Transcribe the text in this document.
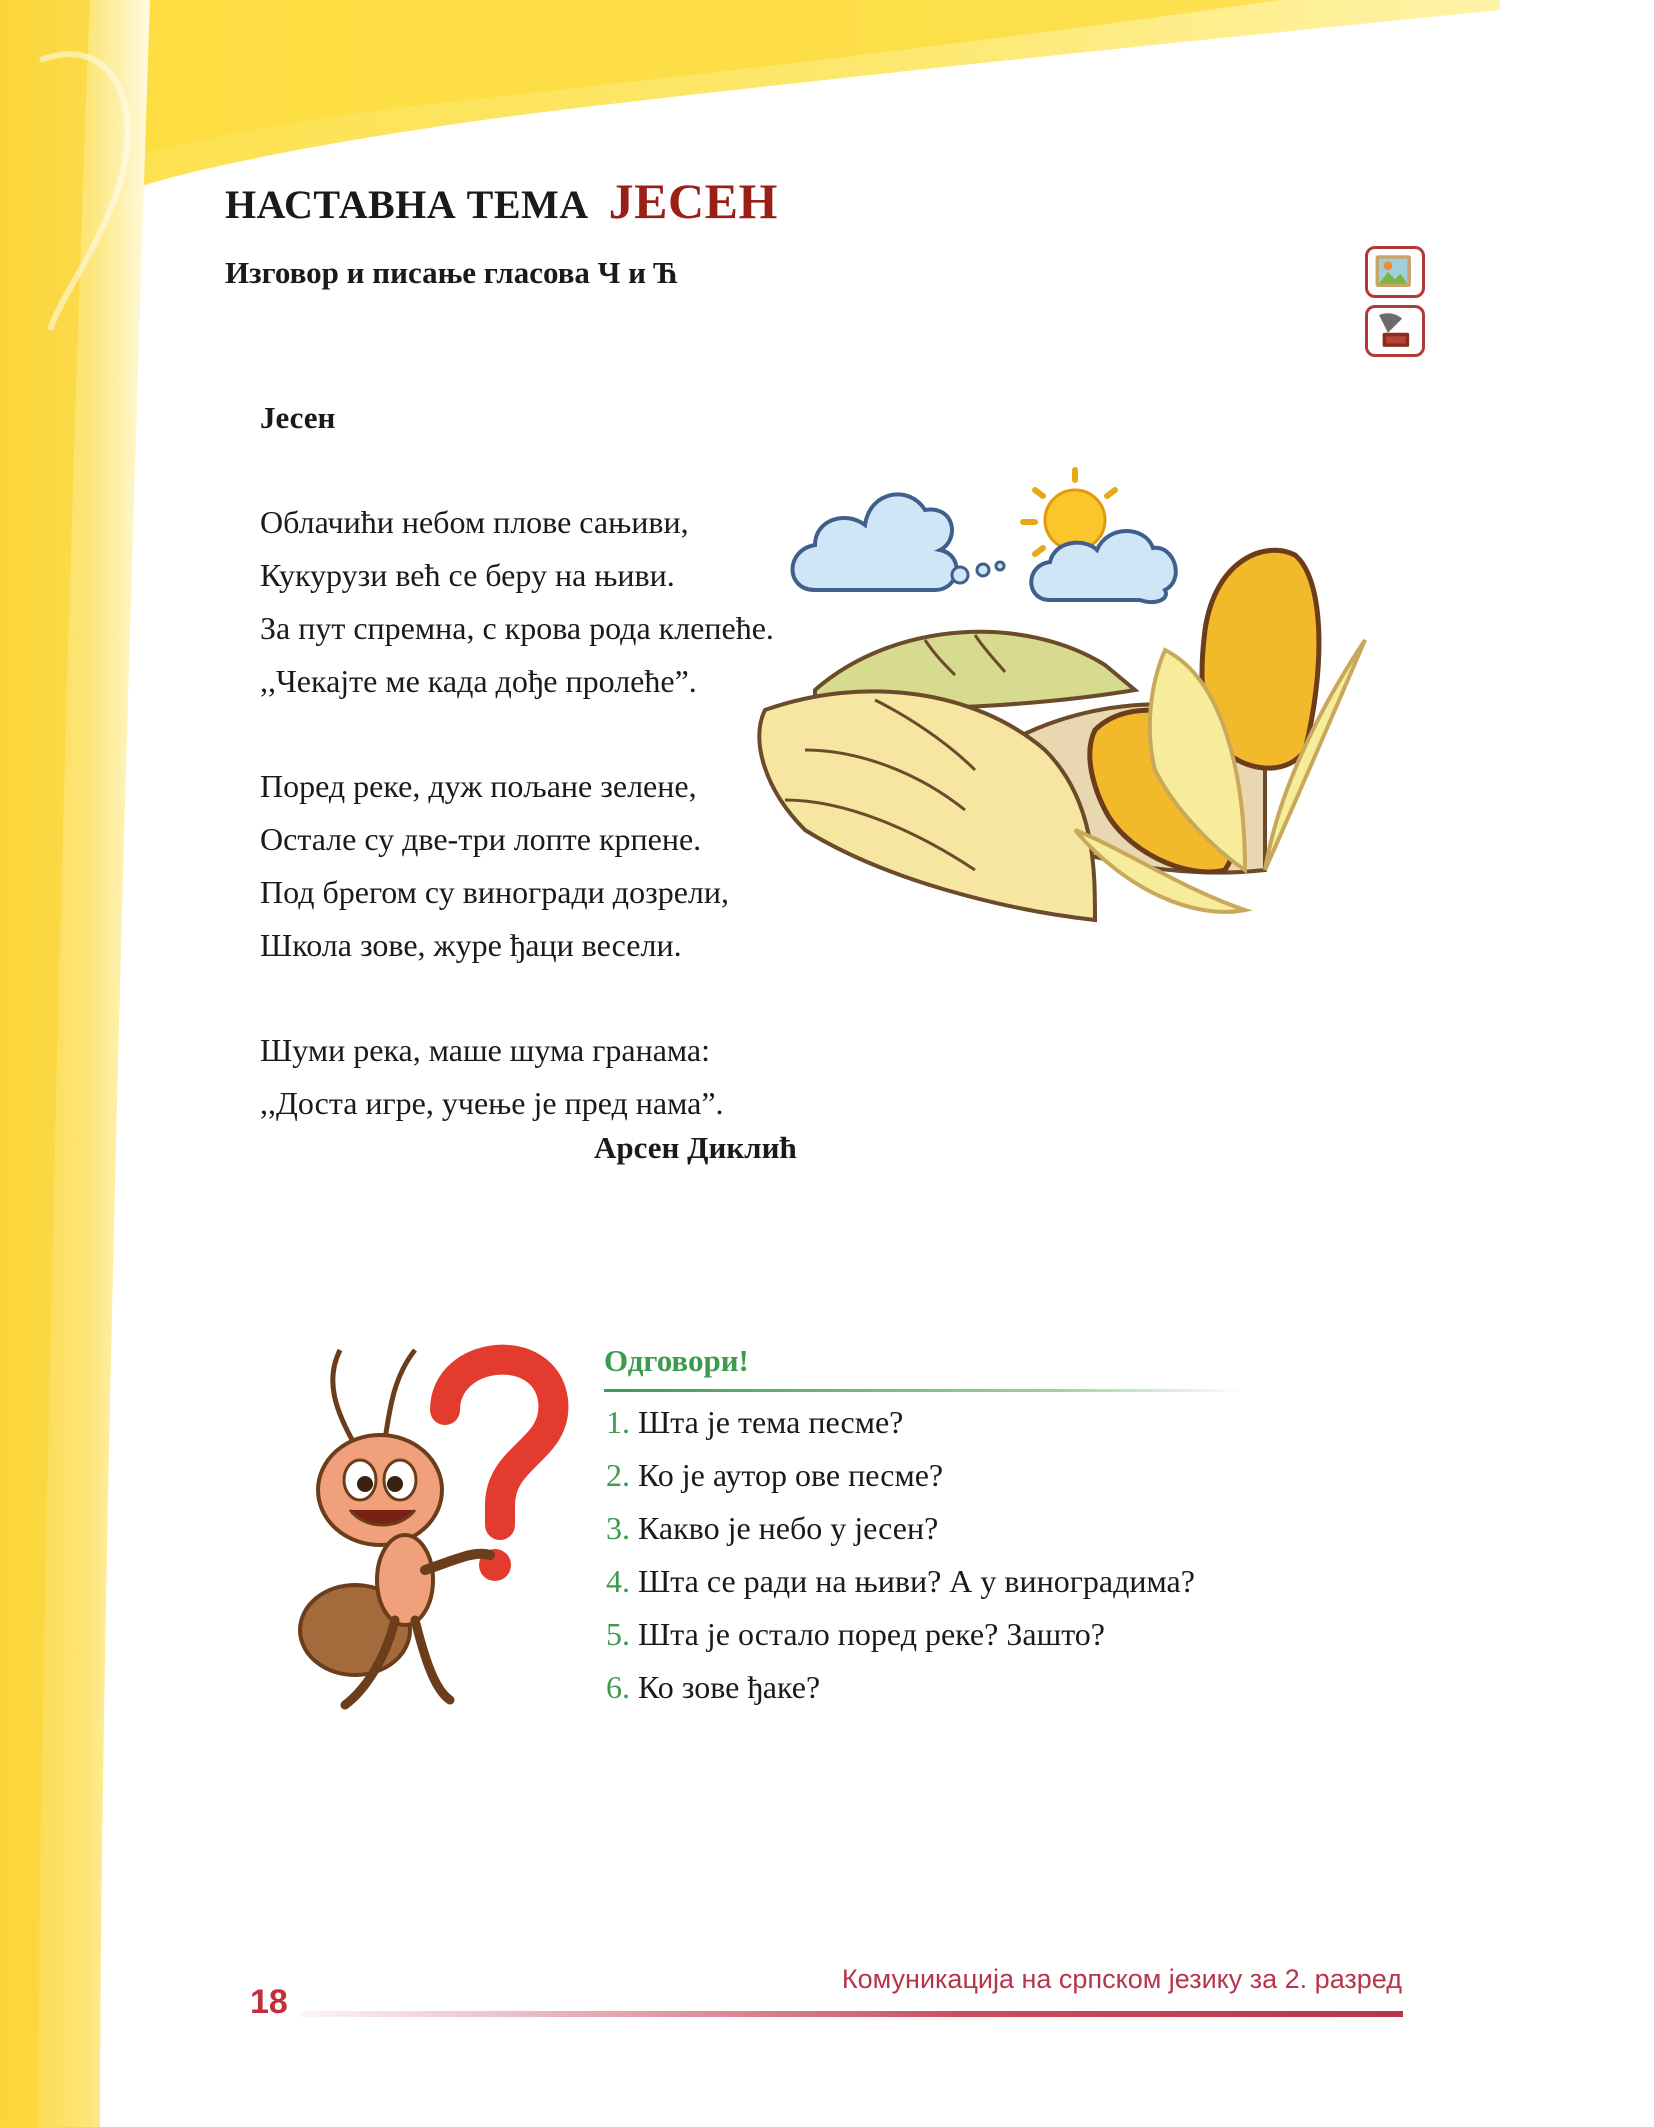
НАСТАВНА ТЕМА ЈЕСЕН
Изговор и писање гласова Ч и Ћ
Јесен
Облачићи небом плове сањиви,
Кукурузи већ се беру на њиви.
За пут спремна, с крова рода клепеће.
,,Чекајте ме када дође пролеће”.
Поред реке, дуж пољане зелене,
Остале су две-три лопте крпене.
Под брегом су виногради дозрели,
Школа зове, журе ђаци весели.
Шуми река, маше шума гранама:
,,Доста игре, учење је пред нама”.

Арсен Диклић

Одговори!
1. Шта је тема песме?
2. Ко је аутор ове песме?
3. Какво је небо у јесен?
4. Шта се ради на њиви? А у виноградима?
5. Шта је остало поред реке? Зашто?
6. Ко зове ђаке?
Комуникација на српском језику за 2. разред
18
